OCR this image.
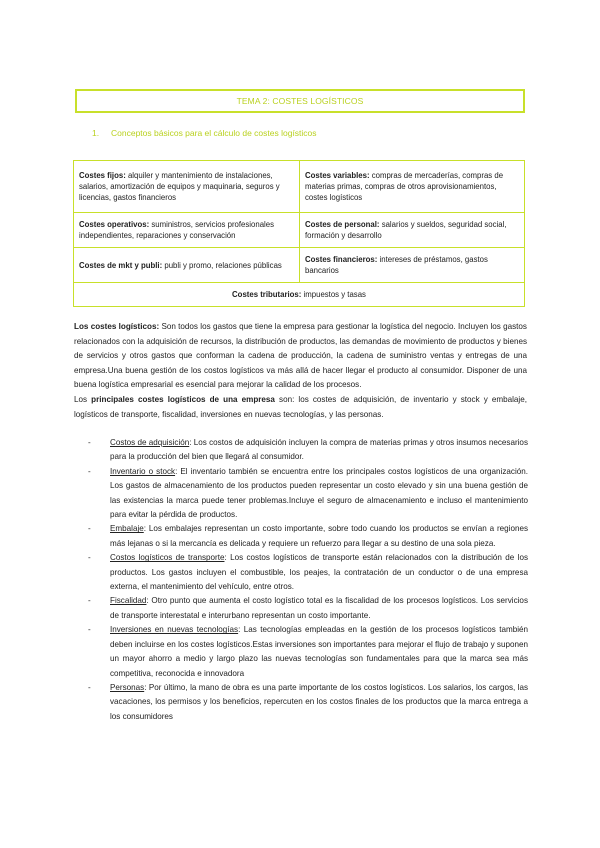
TEMA 2: COSTES LOGÍSTICOS
1. Conceptos básicos para el cálculo de costes logísticos
Costes fijos: alquiler y mantenimiento de instalaciones, salarios, amortización de equipos y maquinaria, seguros y licencias, gastos financieros	Costes variables: compras de mercaderías, compras de materias primas, compras de otros aprovisionamientos, costes logísticos
Costes operativos: suministros, servicios profesionales independientes, reparaciones y conservación	Costes de personal: salarios y sueldos, seguridad social, formación y desarrollo
Costes de mkt y publi: publi y promo, relaciones públicas	Costes financieros: intereses de préstamos, gastos bancarios
Costes tributarios: impuestos y tasas	

Los costes logísticos: Son todos los gastos que tiene la empresa para gestionar la logística del negocio. Incluyen los gastos relacionados con la adquisición de recursos, la distribución de productos, las demandas de movimiento de productos y bienes de servicios y otros gastos que conforman la cadena de producción, la cadena de suministro ventas y entregas de una empresa.Una buena gestión de los costos logísticos va más allá de hacer llegar el producto al consumidor. Disponer de una buena logística empresarial es esencial para mejorar la calidad de los procesos.

Los principales costes logísticos de una empresa son: los costes de adquisición, de inventario y stock y embalaje, logísticos de transporte, fiscalidad, inversiones en nuevas tecnologías, y las personas.

- Costos de adquisición: Los costos de adquisición incluyen la compra de materias primas y otros insumos necesarios para la producción del bien que llegará al consumidor.
- Inventario o stock: El inventario también se encuentra entre los principales costos logísticos de una organización. Los gastos de almacenamiento de los productos pueden representar un costo elevado y sin una buena gestión de las existencias la marca puede tener problemas.Incluye el seguro de almacenamiento e incluso el mantenimiento para evitar la pérdida de productos.
- Embalaje: Los embalajes representan un costo importante, sobre todo cuando los productos se envían a regiones más lejanas o si la mercancía es delicada y requiere un refuerzo para llegar a su destino de una sola pieza.
- Costos logísticos de transporte: Los costos logísticos de transporte están relacionados con la distribución de los productos. Los gastos incluyen el combustible, los peajes, la contratación de un conductor o de una empresa externa, el mantenimiento del vehículo, entre otros.
- Fiscalidad: Otro punto que aumenta el costo logístico total es la fiscalidad de los procesos logísticos. Los servicios de transporte interestatal e interurbano representan un costo importante.
- Inversiones en nuevas tecnologías: Las tecnologías empleadas en la gestión de los procesos logísticos también deben incluirse en los costes logísticos.Estas inversiones son importantes para mejorar el flujo de trabajo y suponen un mayor ahorro a medio y largo plazo las nuevas tecnologías son fundamentales para que la marca sea más competitiva, reconocida e innovadora
- Personas: Por último, la mano de obra es una parte importante de los costos logísticos. Los salarios, los cargos, las vacaciones, los permisos y los beneficios, repercuten en los costos finales de los productos que la marca entrega a los consumidores
